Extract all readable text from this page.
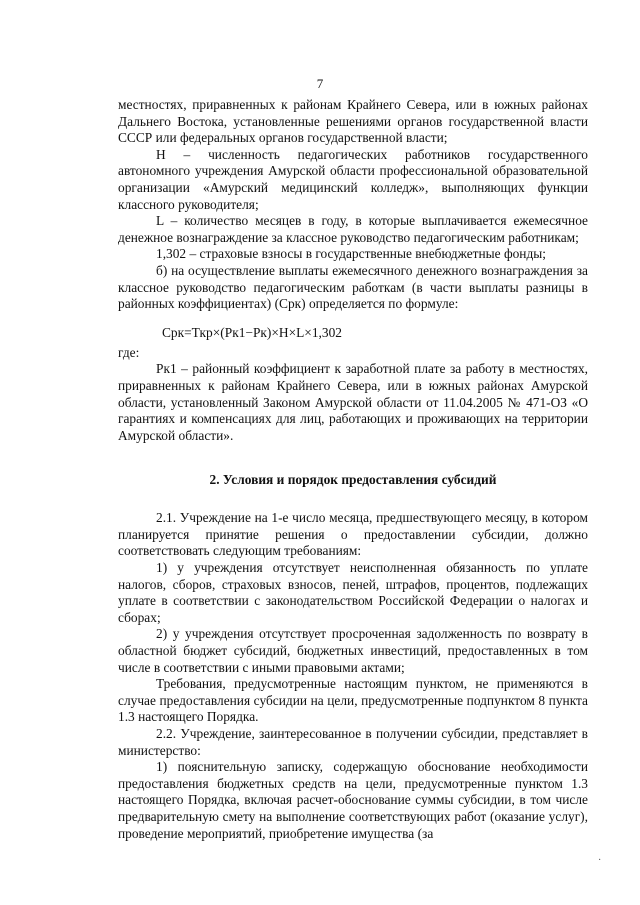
7

местностях, приравненных к районам Крайнего Севера, или в южных районах Дальнего Востока, установленные решениями органов государственной власти СССР или федеральных органов государственной власти;

Н – численность педагогических работников государственного автономного учреждения Амурской области профессиональной образовательной организации «Амурский медицинский колледж», выполняющих функции классного руководителя;

L – количество месяцев в году, в которые выплачивается ежемесячное денежное вознаграждение за классное руководство педагогическим работникам;

1,302 – страховые взносы в государственные внебюджетные фонды;

б) на осуществление выплаты ежемесячного денежного вознаграждения за классное руководство педагогическим работкам (в части выплаты разницы в районных коэффициентах) (Срк) определяется по формуле:

Срк=Ткр×(Рк1−Рк)×Н×L×1,302

где:

Рк1 – районный коэффициент к заработной плате за работу в местностях, приравненных к районам Крайнего Севера, или в южных районах Амурской области, установленный Законом Амурской области от 11.04.2005 № 471-ОЗ «О гарантиях и компенсациях для лиц, работающих и проживающих на территории Амурской области».

2. Условия и порядок предоставления субсидий

2.1. Учреждение на 1-е число месяца, предшествующего месяцу, в котором планируется принятие решения о предоставлении субсидии, должно соответствовать следующим требованиям:

1) у учреждения отсутствует неисполненная обязанность по уплате налогов, сборов, страховых взносов, пеней, штрафов, процентов, подлежащих уплате в соответствии с законодательством Российской Федерации о налогах и сборах;

2) у учреждения отсутствует просроченная задолженность по возврату в областной бюджет субсидий, бюджетных инвестиций, предоставленных в том числе в соответствии с иными правовыми актами;

Требования, предусмотренные настоящим пунктом, не применяются в случае предоставления субсидии на цели, предусмотренные подпунктом 8 пункта 1.3 настоящего Порядка.

2.2. Учреждение, заинтересованное в получении субсидии, представляет в министерство:

1) пояснительную записку, содержащую обоснование необходимости предоставления бюджетных средств на цели, предусмотренные пунктом 1.3 настоящего Порядка, включая расчет-обоснование суммы субсидии, в том числе предварительную смету на выполнение соответствующих работ (оказание услуг), проведение мероприятий, приобретение имущества (за

·
